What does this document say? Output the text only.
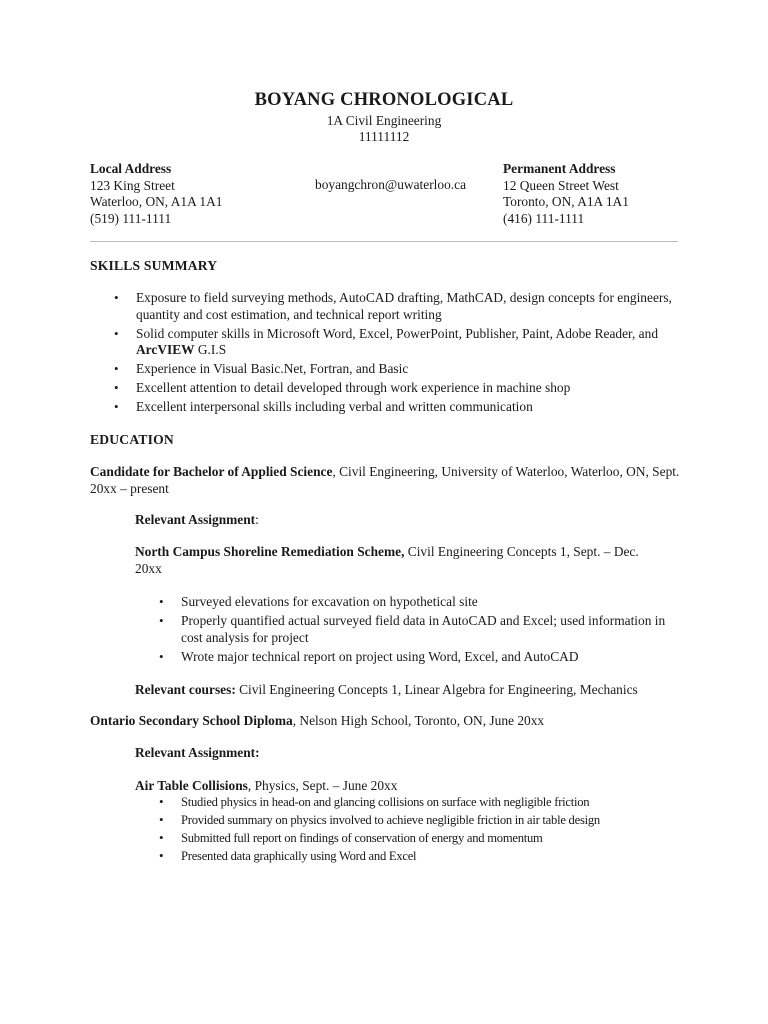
BOYANG CHRONOLOGICAL
1A Civil Engineering
11111112
Local Address
123 King Street
Waterloo, ON, A1A 1A1
(519) 111-1111
boyangchron@uwaterloo.ca
Permanent Address
12 Queen Street West
Toronto, ON, A1A 1A1
(416) 111-1111
SKILLS SUMMARY
• Exposure to field surveying methods, AutoCAD drafting, MathCAD, design concepts for engineers, quantity and cost estimation, and technical report writing
• Solid computer skills in Microsoft Word, Excel, PowerPoint, Publisher, Paint, Adobe Reader, and ArcVIEW G.I.S
• Experience in Visual Basic.Net, Fortran, and Basic
• Excellent attention to detail developed through work experience in machine shop
• Excellent interpersonal skills including verbal and written communication
EDUCATION
Candidate for Bachelor of Applied Science, Civil Engineering, University of Waterloo, Waterloo, ON, Sept. 20xx – present
Relevant Assignment:
North Campus Shoreline Remediation Scheme, Civil Engineering Concepts 1, Sept. – Dec. 20xx
• Surveyed elevations for excavation on hypothetical site
• Properly quantified actual surveyed field data in AutoCAD and Excel; used information in cost analysis for project
• Wrote major technical report on project using Word, Excel, and AutoCAD
Relevant courses: Civil Engineering Concepts 1, Linear Algebra for Engineering, Mechanics
Ontario Secondary School Diploma, Nelson High School, Toronto, ON, June 20xx
Relevant Assignment:
Air Table Collisions, Physics, Sept. – June 20xx
• Studied physics in head-on and glancing collisions on surface with negligible friction
• Provided summary on physics involved to achieve negligible friction in air table design
• Submitted full report on findings of conservation of energy and momentum
• Presented data graphically using Word and Excel
